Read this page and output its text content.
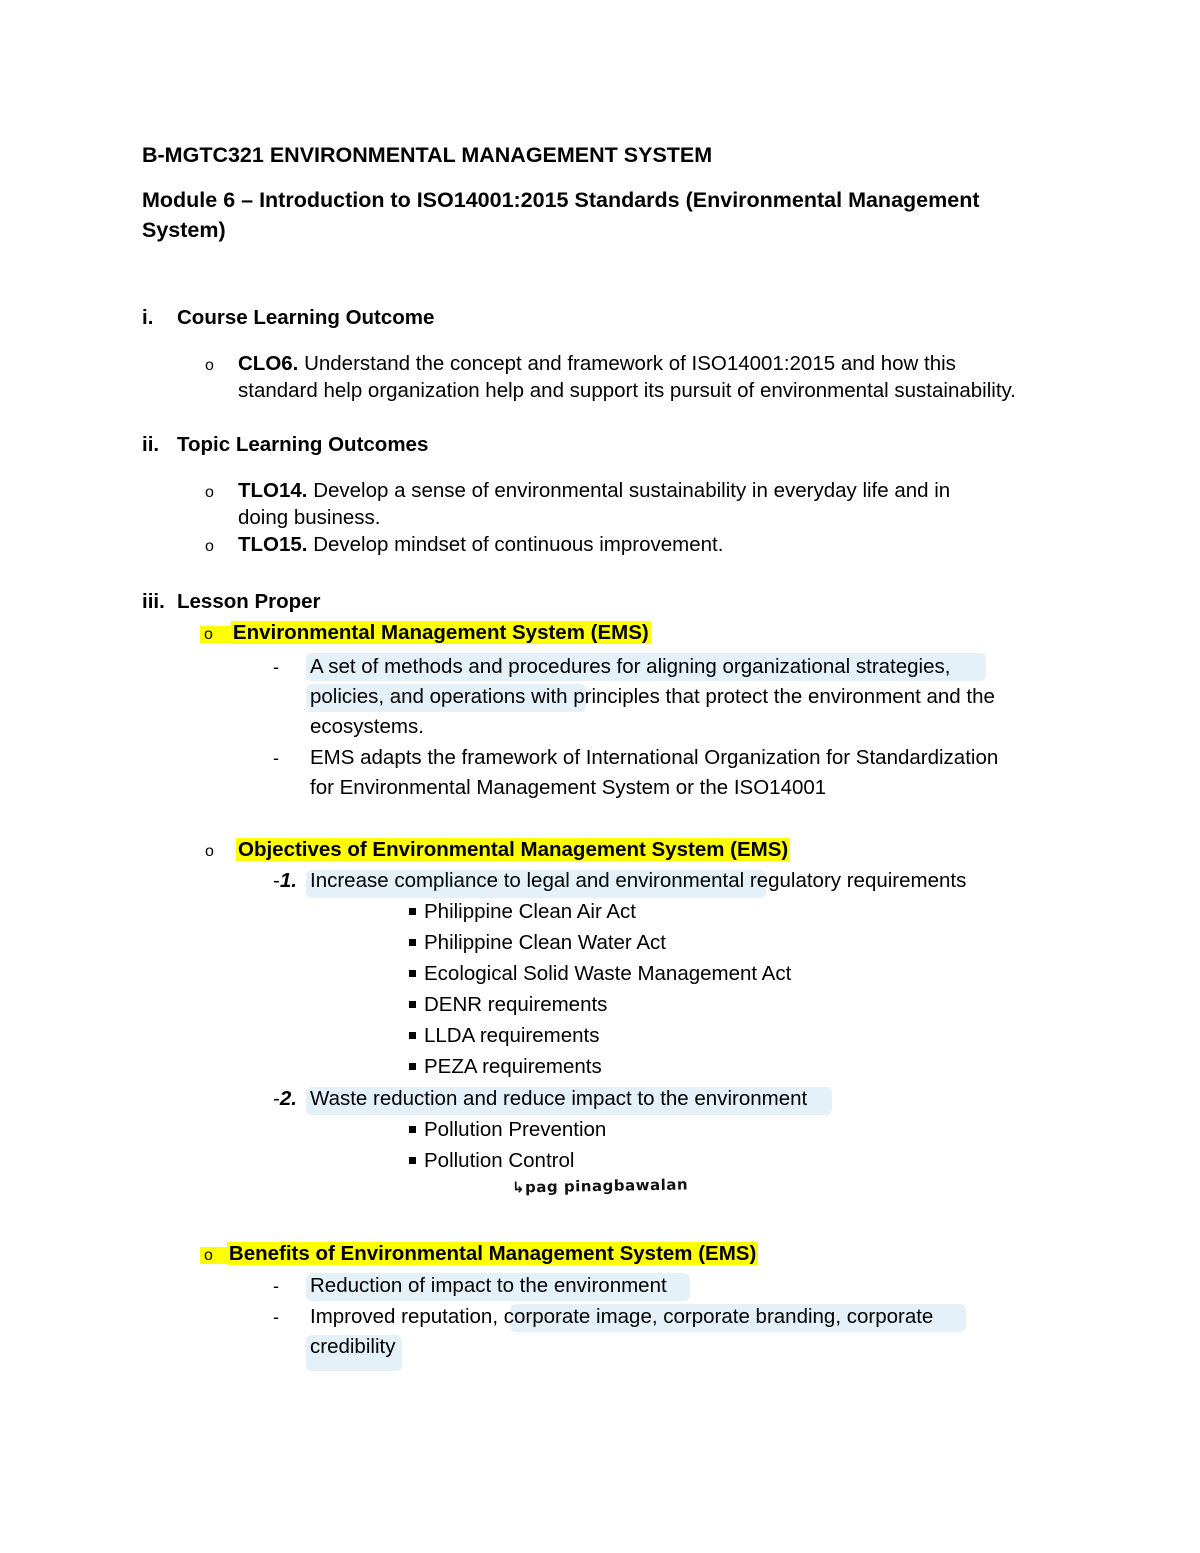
B-MGTC321 ENVIRONMENTAL MANAGEMENT SYSTEM
Module 6 – Introduction to ISO14001:2015 Standards (Environmental Management
System)
i. Course Learning Outcome
o CLO6. Understand the concept and framework of ISO14001:2015 and how this
standard help organization help and support its pursuit of environmental sustainability.
ii. Topic Learning Outcomes
o TLO14. Develop a sense of environmental sustainability in everyday life and in
doing business.
o TLO15. Develop mindset of continuous improvement.
iii. Lesson Proper
o Environmental Management System (EMS)
- A set of methods and procedures for aligning organizational strategies,
policies, and operations with principles that protect the environment and the
ecosystems.
- EMS adapts the framework of International Organization for Standardization
for Environmental Management System or the ISO14001
o Objectives of Environmental Management System (EMS)
-1. Increase compliance to legal and environmental regulatory requirements
Philippine Clean Air Act
Philippine Clean Water Act
Ecological Solid Waste Management Act
DENR requirements
LLDA requirements
PEZA requirements
-2. Waste reduction and reduce impact to the environment
Pollution Prevention
Pollution Control
↳pag pinagbawalan
o Benefits of Environmental Management System (EMS)
- Reduction of impact to the environment
- Improved reputation, corporate image, corporate branding, corporate
credibility
